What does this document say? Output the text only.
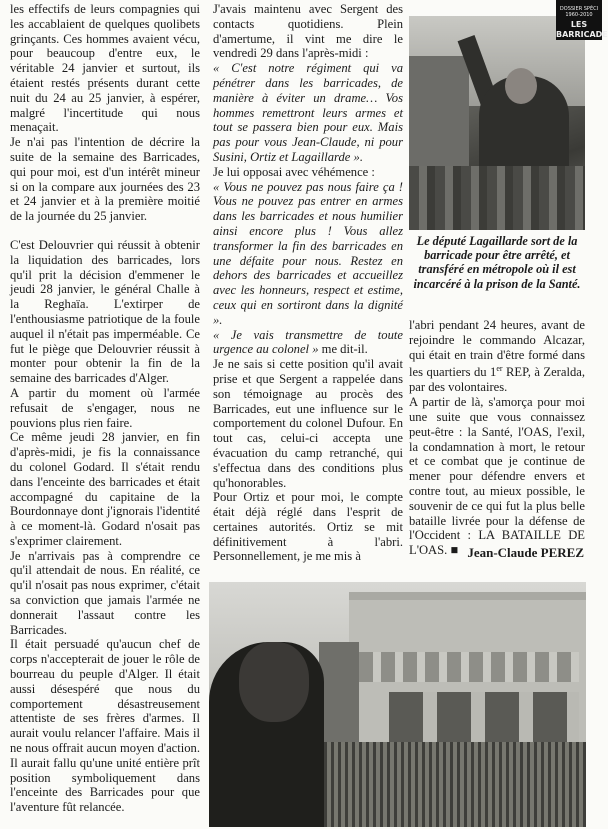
les effectifs de leurs compagnies qui les accablaient de quelques quolibets grinçants. Ces hommes avaient vécu, pour beaucoup d'entre eux, le véritable 24 janvier et surtout, ils étaient restés présents durant cette nuit du 24 au 25 janvier, à espérer, malgré l'incertitude qui nous menaçait.

Je n'ai pas l'intention de décrire la suite de la semaine des Barricades, qui pour moi, est d'un intérêt mineur si on la compare aux journées des 23 et 24 janvier et à la première moitié de la journée du 25 janvier.

C'est Delouvrier qui réussit à obtenir la liquidation des barricades, lors qu'il prit la décision d'emmener le jeudi 28 janvier, le général Challe à la Reghaïa. L'extirper de l'enthousiasme patriotique de la foule auquel il n'était pas imperméable. Ce fut le piège que Delouvrier réussit à monter pour obtenir la fin de la semaine des barricades d'Alger.

A partir du moment où l'armée refusait de s'engager, nous ne pouvions plus rien faire.

Ce même jeudi 28 janvier, en fin d'après-midi, je fis la connaissance du colonel Godard. Il s'était rendu dans l'enceinte des barricades et était accompagné du capitaine de la Bourdonnaye dont j'ignorais l'identité à ce moment-là. Godard n'osait pas s'exprimer clairement.

Je n'arrivais pas à comprendre ce qu'il attendait de nous. En réalité, ce qu'il n'osait pas nous exprimer, c'était sa conviction que jamais l'armée ne donnerait l'assaut contre les Barricades.

Il était persuadé qu'aucun chef de corps n'accepterait de jouer le rôle de bourreau du peuple d'Alger. Il était aussi désespéré que nous du comportement désastreusement attentiste de ses frères d'armes. Il aurait voulu relancer l'affaire. Mais il ne nous offrait aucun moyen d'action. Il aurait fallu qu'une unité entière prît position symboliquement dans l'enceinte des Barricades pour que l'aventure fût relancée.

J'avais maintenu avec Sergent des contacts quotidiens. Plein d'amertume, il vint me dire le vendredi 29 dans l'après-midi :

« C'est notre régiment qui va pénétrer dans les barricades, de manière à éviter un drame… Vos hommes remettront leurs armes et tout se passera bien pour eux. Mais pas pour vous Jean-Claude, ni pour Susini, Ortiz et Lagaillarde ».

Je lui opposai avec véhémence :

« Vous ne pouvez pas nous faire ça ! Vous ne pouvez pas entrer en armes dans les barricades et nous humilier ainsi encore plus ! Vous allez transformer la fin des barricades en une défaite pour nous. Restez en dehors des barricades et accueillez avec les honneurs, respect et estime, ceux qui en sortiront dans la dignité ».

« Je vais transmettre de toute urgence au colonel » me dit-il.

Je ne sais si cette position qu'il avait prise et que Sergent a rappelée dans son témoignage au procès des Barricades, eut une influence sur le comportement du colonel Dufour. En tout cas, celui-ci accepta une évacuation du camp retranché, qui s'effectua dans des conditions plus qu'honorables.

Pour Ortiz et pour moi, le compte était déjà réglé dans l'esprit de certaines autorités. Ortiz se mit définitivement à l'abri. Personnellement, je me mis à

DOSSIER SPÉCI
1960-2010
LES BARRICADE
Le député Lagaillarde sort de la barricade pour être arrêté, et transféré en métropole où il est incarcéré à la prison de la Santé.

l'abri pendant 24 heures, avant de rejoindre le commando Alcazar, qui était en train d'être formé dans les quartiers du 1er REP, à Zeralda, par des volontaires.

A partir de là, s'amorça pour moi une suite que vous connaissez peut-être : la Santé, l'OAS, l'exil, la condamnation à mort, le retour et ce combat que je continue de mener pour défendre envers et contre tout, au mieux possible, le souvenir de ce qui fut la plus belle bataille livrée pour la défense de l'Occident : LA BATAILLE DE L'OAS. ■ Jean-Claude PEREZ
